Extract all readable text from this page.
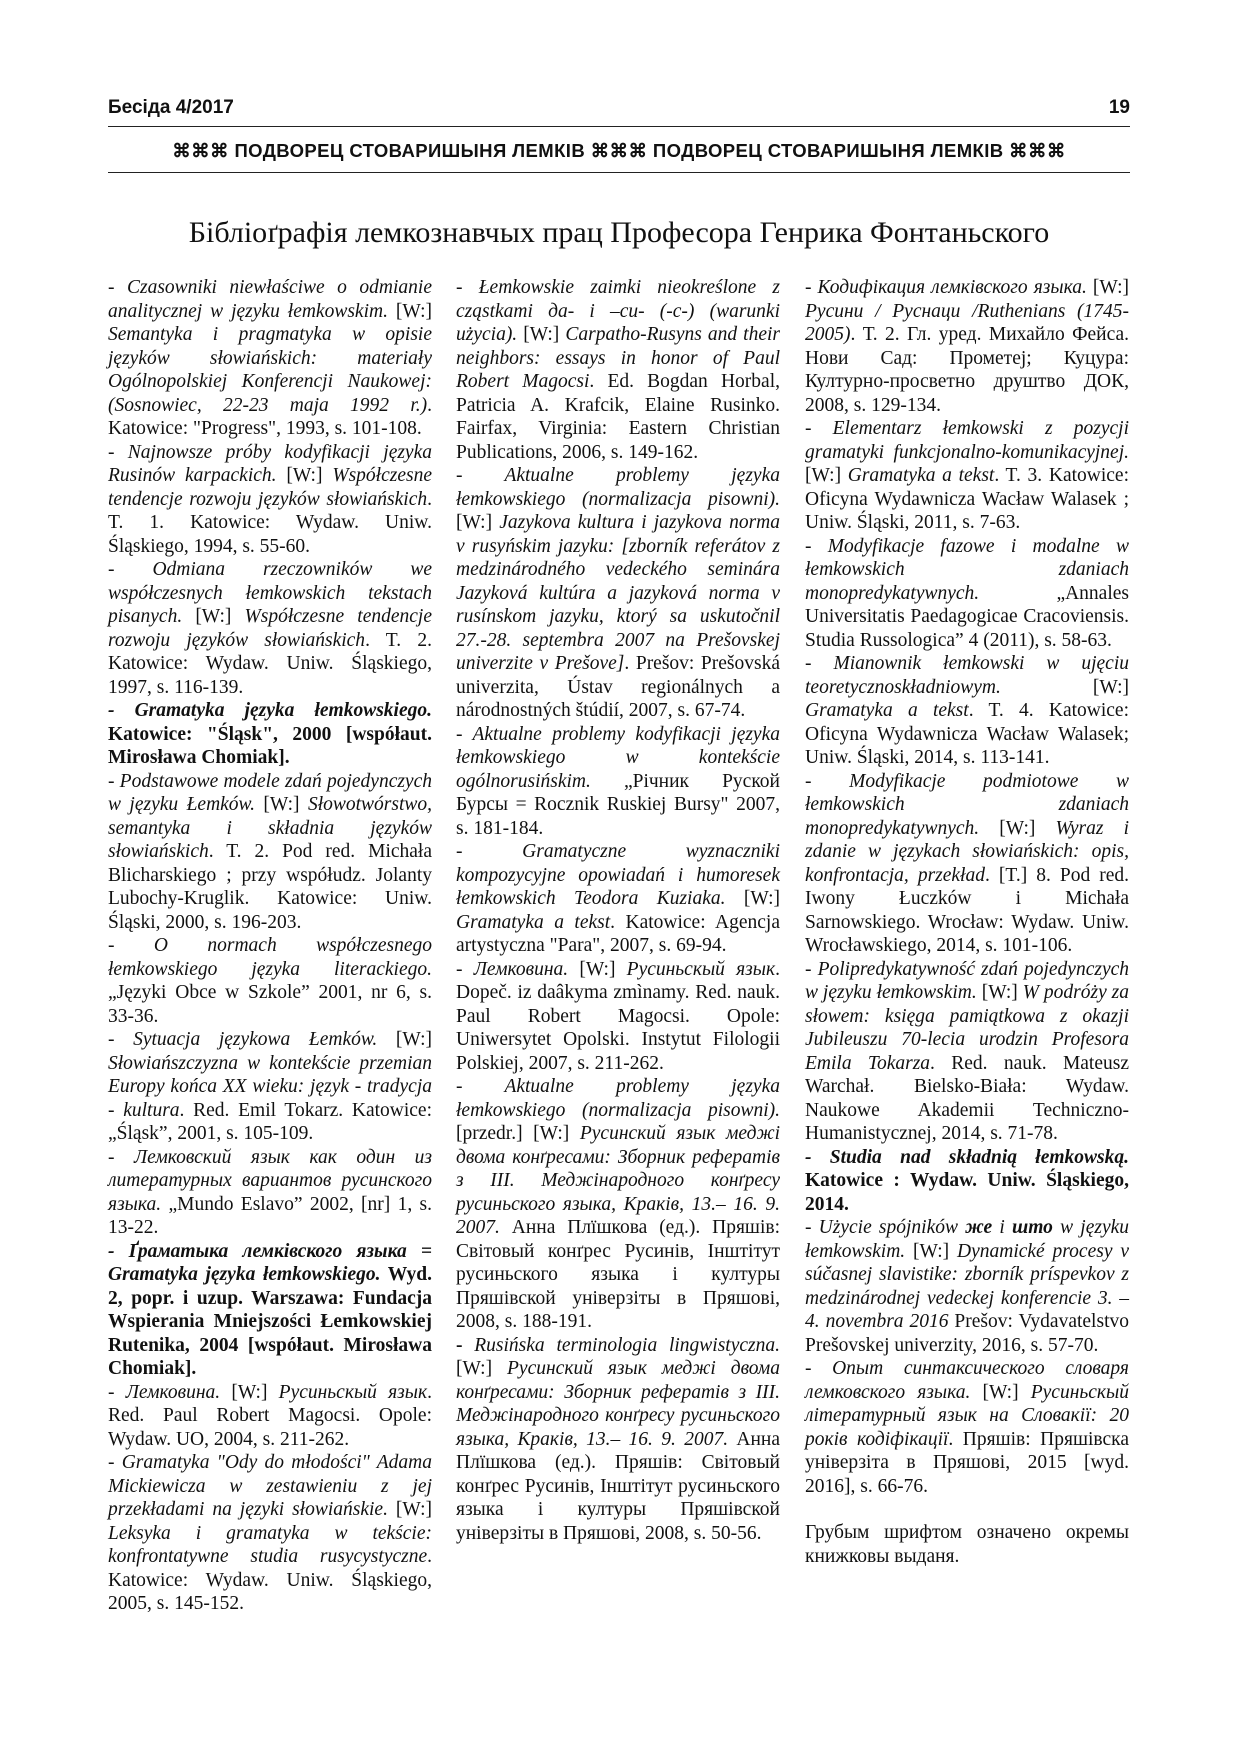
Бесіда 4/2017	19
⌘⌘⌘ ПОДВОРЕЦ СТОВАРИШЫНЯ ЛЕМКІВ ⌘⌘⌘ ПОДВОРЕЦ СТОВАРИШЫНЯ ЛЕМКІВ ⌘⌘⌘
Бібліоґрафія лемкознавчых прац Професора Генрика Фонтаньского

- Czasowniki niewłaściwe o odmianie analitycznej w języku łemkowskim. [W:] Semantyka i pragmatyka w opisie języków słowiańskich: materiały Ogólnopolskiej Konferencji Naukowej: (Sosnowiec, 22-23 maja 1992 r.). Katowice: "Progress", 1993, s. 101-108.

- Najnowsze próby kodyfikacji języka Rusinów karpackich. [W:] Współczesne tendencje rozwoju języków słowiańskich. T. 1. Katowice: Wydaw. Uniw. Śląskiego, 1994, s. 55-60.

- Odmiana rzeczowników we współczesnych łemkowskich tekstach pisanych. [W:] Współczesne tendencje rozwoju języków słowiańskich. T. 2. Katowice: Wydaw. Uniw. Śląskiego, 1997, s. 116-139.

- Gramatyka języka łemkowskiego. Katowice: "Śląsk", 2000 [współaut. Mirosława Chomiak].

- Podstawowe modele zdań pojedynczych w języku Łemków. [W:] Słowotwórstwo, semantyka i składnia języków słowiańskich. T. 2. Pod red. Michała Blicharskiego ; przy współudz. Jolanty Lubochy-Kruglik. Katowice: Uniw. Śląski, 2000, s. 196-203.

- O normach współczesnego łemkowskiego języka literackiego. „Języki Obce w Szkole” 2001, nr 6, s. 33-36.

- Sytuacja językowa Łemków. [W:] Słowiańszczyzna w kontekście przemian Europy końca XX wieku: język - tradycja - kultura. Red. Emil Tokarz. Katowice: „Śląsk”, 2001, s. 105-109.

- Лемковский язык как один из литературных вариантов русинского языка. „Mundo Eslavo” 2002, [nr] 1, s. 13-22.

- Ґраматыка лемківского языка = Gramatyka języka łemkowskiego. Wyd. 2, popr. i uzup. Warszawa: Fundacja Wspierania Mniejszości Łemkowskiej Rutenika, 2004 [współaut. Mirosława Chomiak].

- Лемковина. [W:] Русиньскый язык. Red. Paul Robert Magocsi. Opole: Wydaw. UO, 2004, s. 211-262.

- Gramatyka "Ody do młodości" Adama Mickiewicza w zestawieniu z jej przekładami na języki słowiańskie. [W:] Leksyka i gramatyka w tekście: konfrontatywne studia rusycystyczne. Katowice: Wydaw. Uniw. Śląskiego, 2005, s. 145-152.

- Łemkowskie zaimki nieokreślone z cząstkami да- i –си- (-с-) (warunki użycia). [W:] Carpatho-Rusyns and their neighbors: essays in honor of Paul Robert Magocsi. Ed. Bogdan Horbal, Patricia A. Krafcik, Elaine Rusinko. Fairfax, Virginia: Eastern Christian Publications, 2006, s. 149-162.

- Aktualne problemy języka łemkowskiego (normalizacja pisowni). [W:] Jazykova kultura i jazykova norma v rusyńskim jazyku: [zborník referátov z medzinárodného vedeckého seminára Jazyková kultúra a jazyková norma v rusínskom jazyku, ktorý sa uskutočnil 27.-28. septembra 2007 na Prešovskej univerzite v Prešove]. Prešov: Prešovská univerzita, Ústav regionálnych a národnostných štúdií, 2007, s. 67-74.

- Aktualne problemy kodyfikacji języka łemkowskiego w kontekście ogólnorusińskim. „Річник Руской Бурсы = Rocznik Ruskiej Bursy" 2007, s. 181-184.

- Gramatyczne wyznaczniki kompozycyjne opowiadań i humoresek łemkowskich Teodora Kuziaka. [W:] Gramatyka a tekst. Katowice: Agencja artystyczna "Para", 2007, s. 69-94.

- Лемковина. [W:] Русиньскый язык. Dopeč. iz daâkyma zmìnamy. Red. nauk. Paul Robert Magocsi. Opole: Uniwersytet Opolski. Instytut Filologii Polskiej, 2007, s. 211-262.

- Aktualne problemy języka łemkowskiego (normalizacja pisowni). [przedr.] [W:] Русинский язык меджі двома конґресами: Зборник рефератів з ІІІ. Меджінародного конґресу русиньского языка, Кракiв, 13.– 16. 9. 2007. Анна Плїшкова (ед.). Пряшів: Світовый конґрес Русинів, Інштітут русиньского языка і културы Пряшівской універзіты в Пряшові, 2008, s. 188-191.

- Rusińska terminologia lingwistyczna. [W:] Русинский язык меджі двома конґресами: Зборник рефератів з ІІІ. Меджінародного конґресу русиньского языка, Кракiв, 13.– 16. 9. 2007. Анна Плїшкова (ед.). Пряшів: Світовый конґрес Русинів, Інштітут русиньского языка і културы Пряшівской універзіты в Пряшові, 2008, s. 50-56.

- Кодифікация лемківского языка. [W:] Русини / Руснаци /Ruthenians (1745-2005). Т. 2. Гл. уред. Михайло Фейса. Нови Сад: Прометеј; Куцура: Културно-просветно друштво ДОК, 2008, s. 129-134.

- Elementarz łemkowski z pozycji gramatyki funkcjonalno-komunikacyjnej. [W:] Gramatyka a tekst. T. 3. Katowice: Oficyna Wydawnicza Wacław Walasek ; Uniw. Śląski, 2011, s. 7-63.

- Modyfikacje fazowe i modalne w łemkowskich zdaniach monopredykatywnych. „Annales Universitatis Paedagogicae Cracoviensis. Studia Russologica” 4 (2011), s. 58-63.

- Mianownik łemkowski w ujęciu teoretycznoskładniowym. [W:] Gramatyka a tekst. T. 4. Katowice: Oficyna Wydawnicza Wacław Walasek; Uniw. Śląski, 2014, s. 113-141.

- Modyfikacje podmiotowe w łemkowskich zdaniach monopredykatywnych. [W:] Wyraz i zdanie w językach słowiańskich: opis, konfrontacja, przekład. [T.] 8. Pod red. Iwony Łuczków i Michała Sarnowskiego. Wrocław: Wydaw. Uniw. Wrocławskiego, 2014, s. 101-106.

- Polipredykatywność zdań pojedynczych w języku łemkowskim. [W:] W podróży za słowem: księga pamiątkowa z okazji Jubileuszu 70-lecia urodzin Profesora Emila Tokarza. Red. nauk. Mateusz Warchał. Bielsko-Biała: Wydaw. Naukowe Akademii Techniczno-Humanistycznej, 2014, s. 71-78.

- Studia nad składnią łemkowską. Katowice : Wydaw. Uniw. Śląskiego, 2014.

- Użycie spójników же i што w języku łemkowskim. [W:] Dynamické procesy v súčasnej slavistike: zborník príspevkov z medzinárodnej vedeckej konferencie 3. – 4. novembra 2016 Prešov: Vydavatelstvo Prešovskej univerzity, 2016, s. 57-70.

- Опыт синтаксического словаря лемковского языка. [W:] Русиньскый літературный язык на Словакії: 20 років кодіфікації. Пряшів: Пряшівска універзіта в Пряшові, 2015 [wyd. 2016], s. 66-76.

Грубым шрифтом означено окремы книжковы выданя.
